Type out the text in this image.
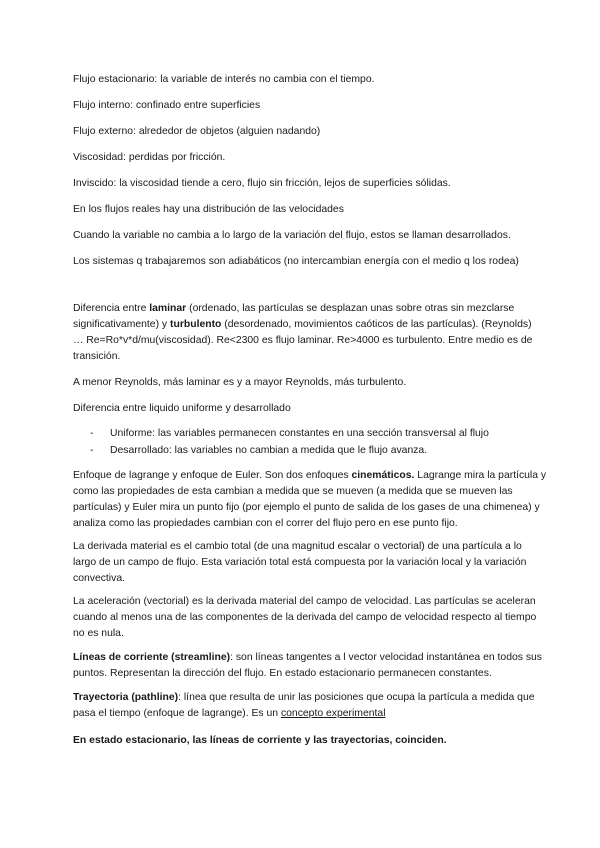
Flujo estacionario: la variable de interés no cambia con el tiempo.

Flujo interno: confinado entre superficies

Flujo externo: alrededor de objetos (alguien nadando)

Viscosidad: perdidas por fricción.

Inviscido: la viscosidad tiende a cero, flujo sin fricción, lejos de superficies sólidas.

En los flujos reales hay una distribución de las velocidades

Cuando la variable no cambia a lo largo de la variación del flujo, estos se llaman desarrollados.

Los sistemas q trabajaremos son adiabáticos (no intercambian energía con el medio q los rodea)

Diferencia entre laminar (ordenado, las partículas se desplazan unas sobre otras sin mezclarse

significativamente) y turbulento (desordenado, movimientos caóticos de las partículas). (Reynolds)

… Re=Ro*v*d/mu(viscosidad). Re<2300 es flujo laminar. Re>4000 es turbulento. Entre medio es de

transición.

A menor Reynolds, más laminar es y a mayor Reynolds, más turbulento.

Diferencia entre liquido uniforme y desarrollado

- Uniforme: las variables permanecen constantes en una sección transversal al flujo
- Desarrollado: las variables no cambian a medida que le flujo avanza.

Enfoque de lagrange y enfoque de Euler. Son dos enfoques cinemáticos. Lagrange mira la partícula y

como las propiedades de esta cambian a medida que se mueven (a medida que se mueven las

partículas) y Euler mira un punto fijo (por ejemplo el punto de salida de los gases de una chimenea) y

analiza como las propiedades cambian con el correr del flujo pero en ese punto fijo.

La derivada material es el cambio total (de una magnitud escalar o vectorial) de una partícula a lo

largo de un campo de flujo. Esta variación total está compuesta por la variación local y la variación

convectiva.

La aceleración (vectorial) es la derivada material del campo de velocidad. Las partículas se aceleran

cuando al menos una de las componentes de la derivada del campo de velocidad respecto al tiempo

no es nula.

Líneas de corriente (streamline): son líneas tangentes a l vector velocidad instantánea en todos sus

puntos. Representan la dirección del flujo. En estado estacionario permanecen constantes.

Trayectoria (pathline): línea que resulta de unir las posiciones que ocupa la partícula a medida que

pasa el tiempo (enfoque de lagrange). Es un concepto experimental

En estado estacionario, las líneas de corriente y las trayectorias, coinciden.
